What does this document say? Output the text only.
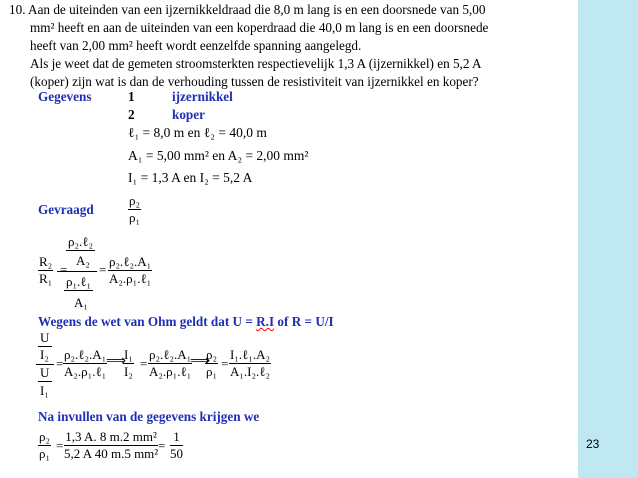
10. Aan de uiteinden van een ijzernikkeldraad die 8,0 m lang is en een doorsnede van 5,00
mm² heeft en aan de uiteinden van een koperdraad die 40,0 m lang is en een doorsnede
heeft van 2,00 mm² heeft wordt eenzelfde spanning aangelegd.
Als je weet dat de gemeten stroomsterkten respectievelijk 1,3 A (ijzernikkel) en 5,2 A
(koper) zijn wat is dan de verhouding tussen de resistiviteit van ijzernikkel en koper?
Gegevens	1	ijzernikkel
2	koper
ℓ₁ = 8,0 m en ℓ₂ = 40,0 m
A₁ = 5,00 mm² en A₂ = 2,00 mm²
I₁ = 1,3 A en I₂ = 5,2 A
Gevraagd	$\frac{\text{ρ₂}}{\text{ρ₁}}$
$\frac{\text{R₂}}{\text{R₁}}$ =
ρ₂.ℓ₂
A₂
ρ₁.ℓ₁
A₁
=
ρ₂.ℓ₂.A₁
A₂.ρ₁.ℓ₁
Wegens de wet van Ohm geldt dat U = R.I of R = U/I
U
I₂
U
I₁
=
ρ₂.ℓ₂.A₁
A₂.ρ₁.ℓ₁
⟹
$\frac{\text{I₁}}{\text{I₂}}$ =
ρ₂.ℓ₂.A₁
A₂.ρ₁.ℓ₁
⟹
$\frac{\text{ρ₂}}{\text{ρ₁}}$ =
I₁.ℓ₁.A₂
A₁.I₂.ℓ₂
Na invullen van de gegevens krijgen we
$\frac{\text{ρ₂}}{\text{ρ₁}} = \frac{\text{1,3 A. 8 m.2 mm²}}{\text{5,2 A 40 m.5 mm²}} = \frac{1}{50}$	23
